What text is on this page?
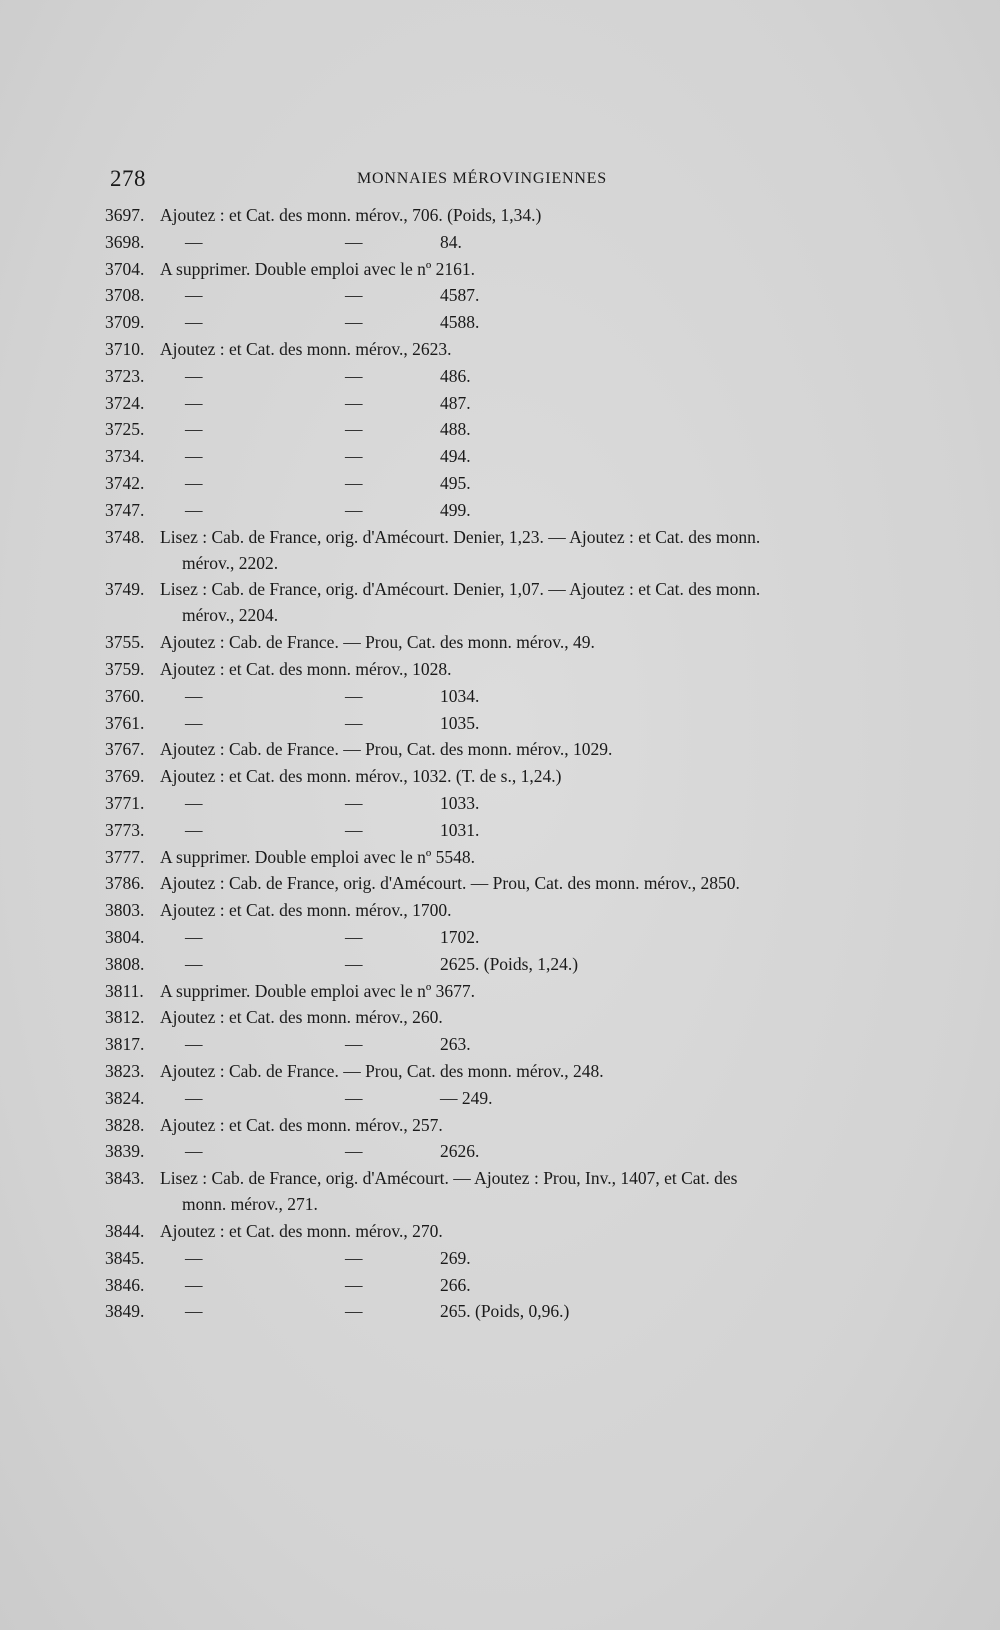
278	MONNAIES MÉROVINGIENNES
3697. Ajoutez : et Cat. des monn. mérov., 706. (Poids, 1,34.)
3698. —	—	84.
3704. A supprimer. Double emploi avec le nº 2161.
3708. —	—	4587.
3709. —	—	4588.
3710. Ajoutez : et Cat. des monn. mérov., 2623.
3723. —	—	486.
3724. —	—	487.
3725. —	—	488.
3734. —	—	494.
3742. —	—	495.
3747. —	—	499.
3748. Lisez : Cab. de France, orig. d'Amécourt. Denier, 1,23. — Ajoutez : et Cat. des monn.
mérov., 2202.
3749. Lisez : Cab. de France, orig. d'Amécourt. Denier, 1,07. — Ajoutez : et Cat. des monn.
mérov., 2204.
3755. Ajoutez : Cab. de France. — Prou, Cat. des monn. mérov., 49.
3759. Ajoutez : et Cat. des monn. mérov., 1028.
3760. —	—	1034.
3761. —	—	1035.
3767. Ajoutez : Cab. de France. — Prou, Cat. des monn. mérov., 1029.
3769. Ajoutez : et Cat. des monn. mérov., 1032. (T. de s., 1,24.)
3771. —	—	1033.
3773. —	—	1031.
3777. A supprimer. Double emploi avec le nº 5548.
3786. Ajoutez : Cab. de France, orig. d'Amécourt. — Prou, Cat. des monn. mérov., 2850.
3803. Ajoutez : et Cat. des monn. mérov., 1700.
3804. —	—	1702.
3808. —	—	2625. (Poids, 1,24.)
3811. A supprimer. Double emploi avec le nº 3677.
3812. Ajoutez : et Cat. des monn. mérov., 260.
3817. —	—	263.
3823. Ajoutez : Cab. de France. — Prou, Cat. des monn. mérov., 248.
3824. —	—	— 249.
3828. Ajoutez : et Cat. des monn. mérov., 257.
3839. —	—	2626.
3843. Lisez : Cab. de France, orig. d'Amécourt. — Ajoutez : Prou, Inv., 1407, et Cat. des
monn. mérov., 271.
3844. Ajoutez : et Cat. des monn. mérov., 270.
3845. —	—	269.
3846. —	—	266.
3849. —	—	265. (Poids, 0,96.)
